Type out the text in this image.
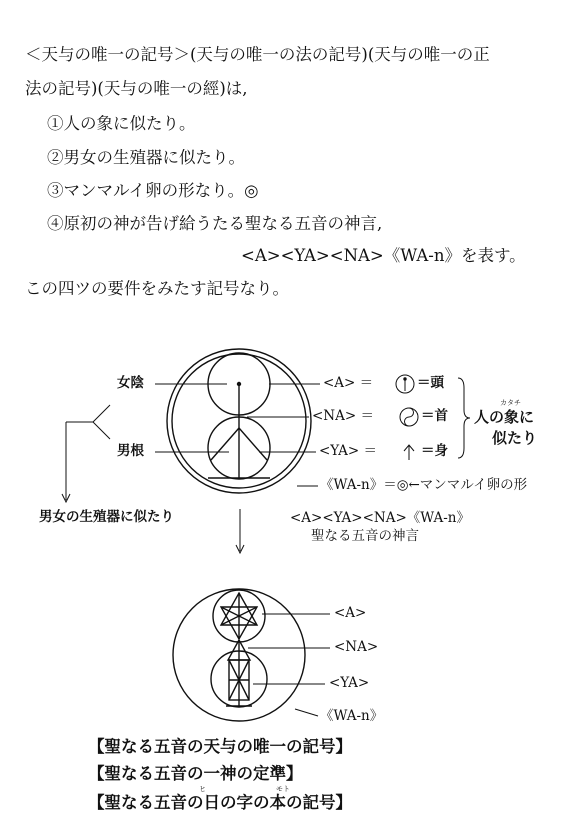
＜天与の唯一の記号＞(天与の唯一の法の記号)(天与の唯一の正
法の記号)(天与の唯一の經)は,
①人の象に似たり。
②男女の生殖器に似たり。
③マンマルイ卵の形なり。◎
④原初の神が告げ給うたる聖なる五音の神言,
<A><YA><NA>《WA-n》を表す。
この四ツの要件をみたす記号なり。
女陰
男根
男女の生殖器に似たり
<A> ＝	＝頭
<NA> ＝	＝首
<YA> ＝	＝身
カタチ
人の象に
似たり
《WA-n》＝◎←マンマルイ卵の形
<A><YA><NA>《WA-n》
聖なる五音の神言
<A>
<NA>
<YA>
《WA-n》
【聖なる五音の天与の唯一の記号】
【聖なる五音の一神の定準】
ヒ	モト
【聖なる五音の日の字の本の記号】
